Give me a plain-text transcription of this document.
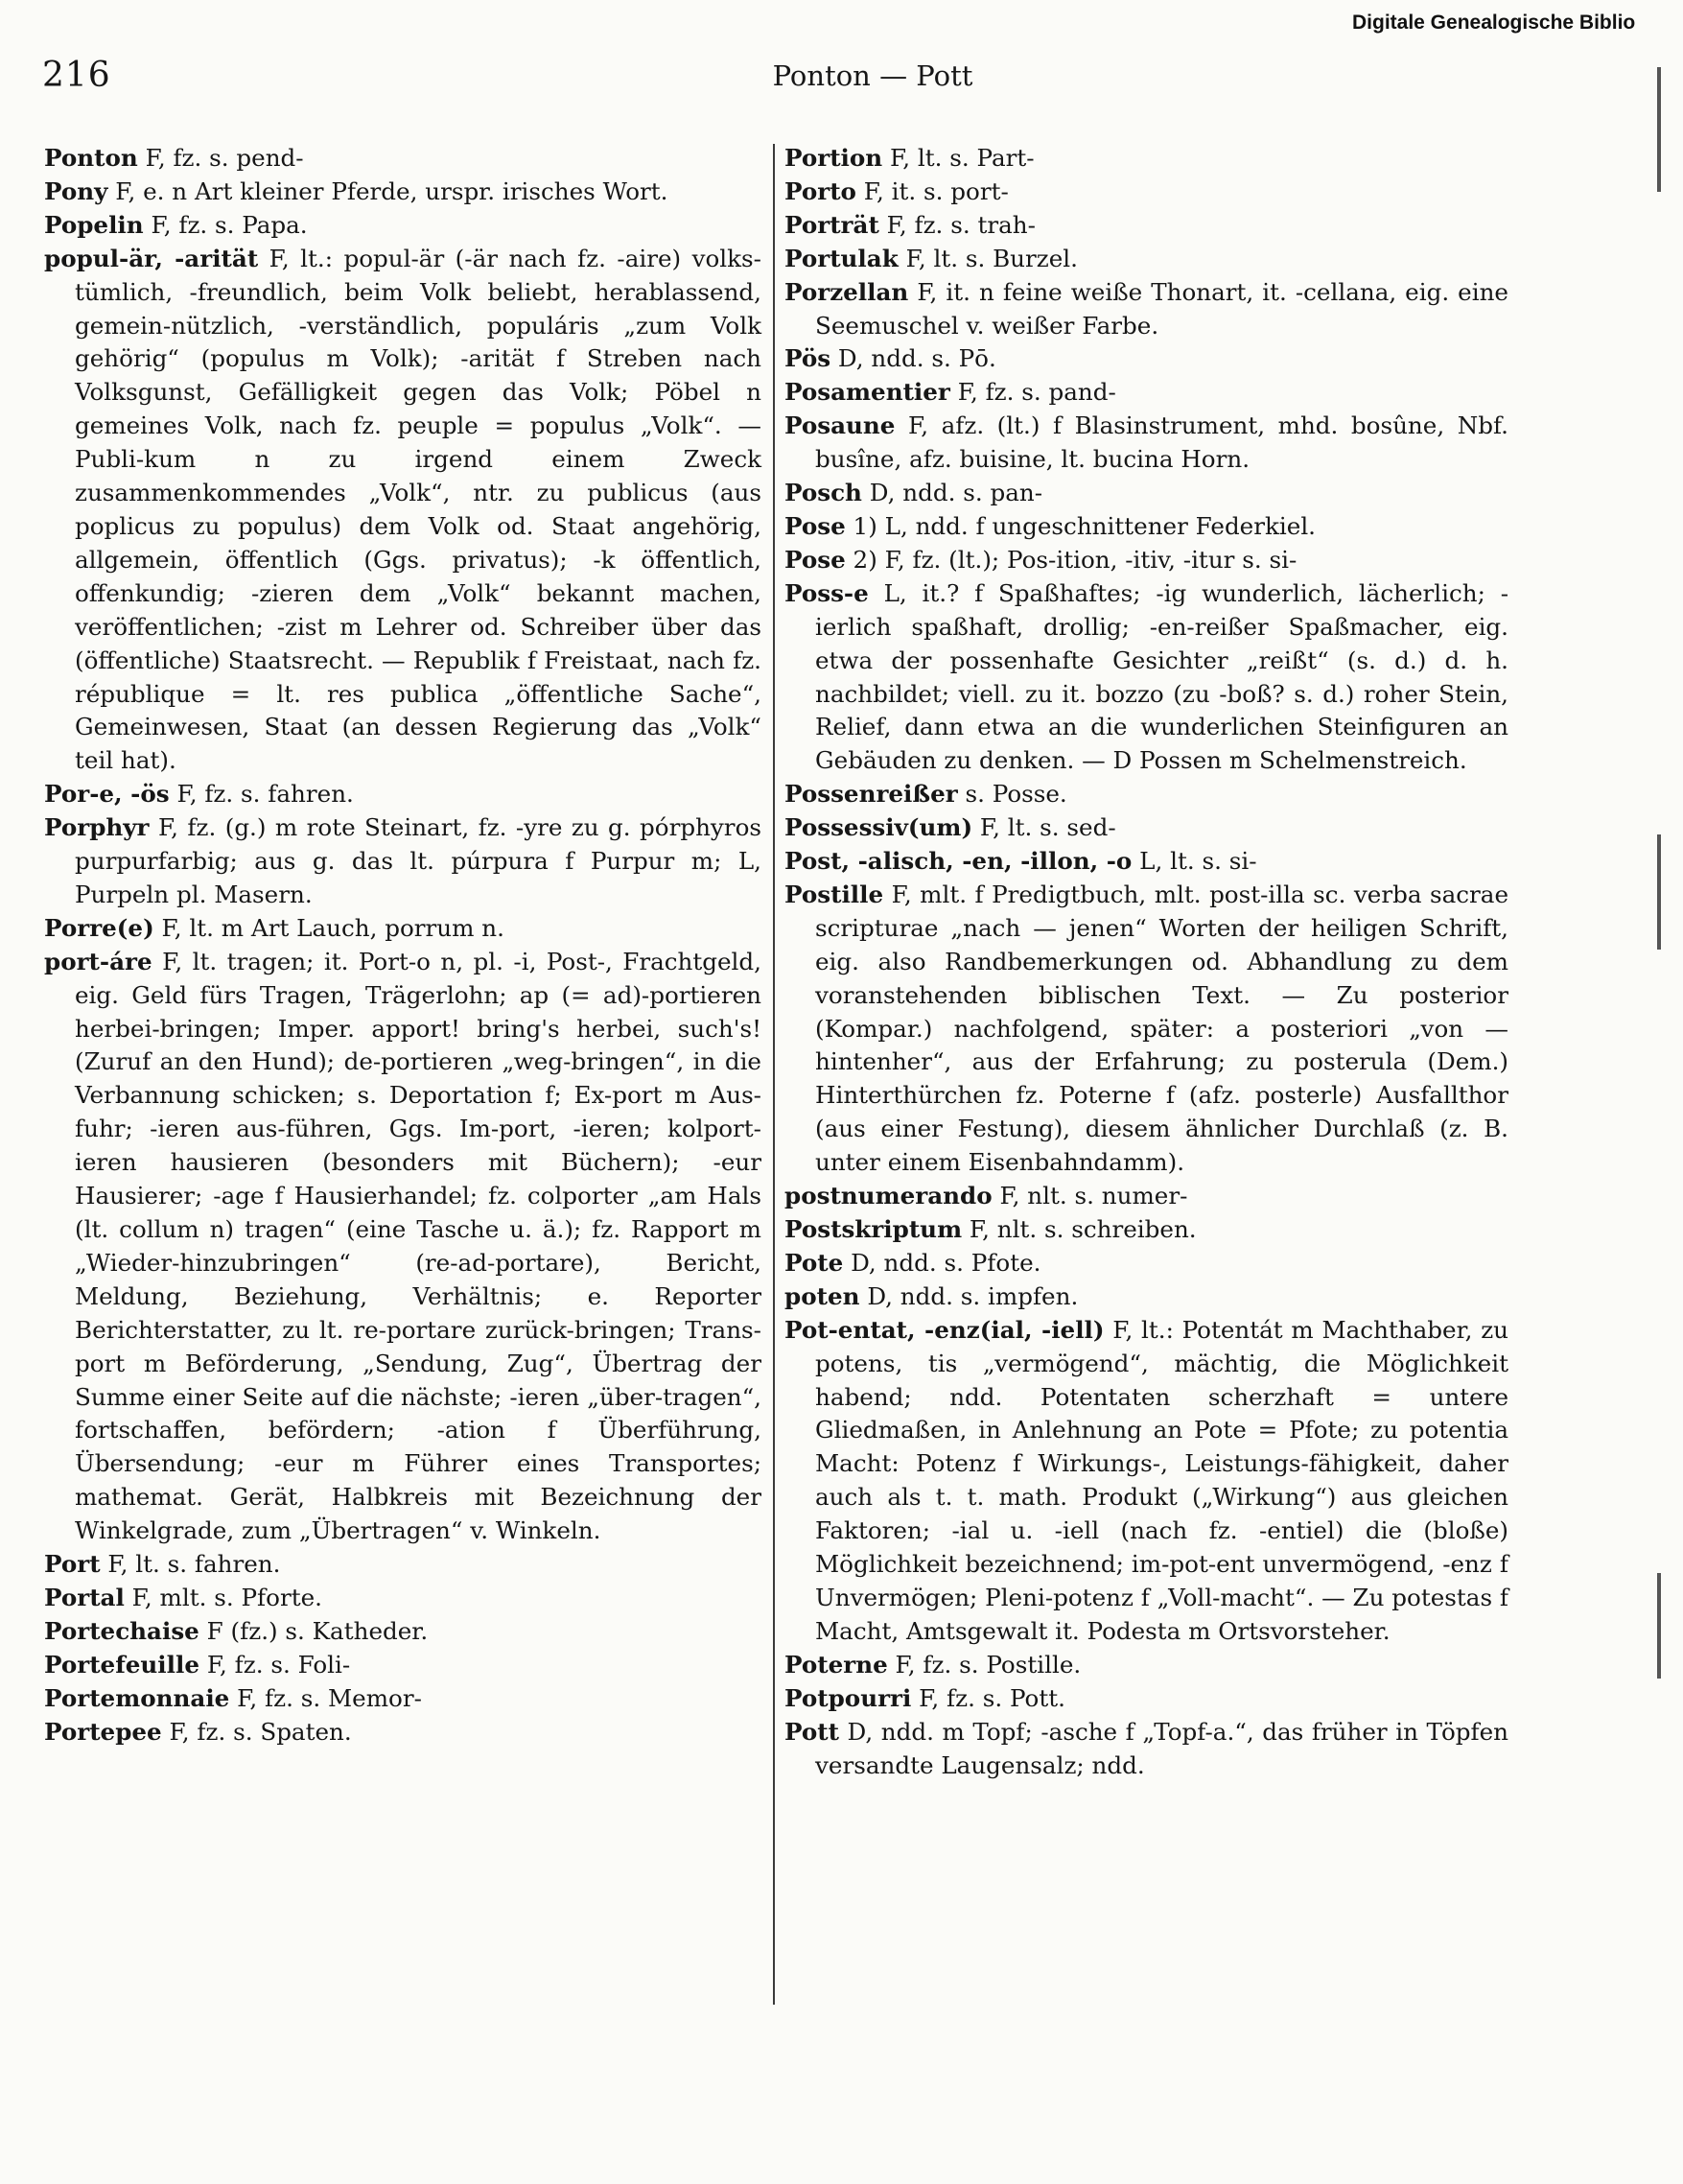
Digitale Genealogische Biblio
216	Ponton — Pott

Ponton F, fz. s. pend-

Pony F, e. n Art kleiner Pferde, urspr. irisches Wort.

Popelin F, fz. s. Papa.

popul-är, -arität F, lt.: popul-är (-är nach fz. -aire) volks-tümlich, -freundlich, beim Volk beliebt, herablassend, gemein-nützlich, -verständlich, populáris „zum Volk gehörig“ (populus m Volk); -arität f Streben nach Volksgunst, Gefälligkeit gegen das Volk; Pöbel n gemeines Volk, nach fz. peuple = populus „Volk“. — Publi-kum n zu irgend einem Zweck zusammenkommendes „Volk“, ntr. zu publicus (aus poplicus zu populus) dem Volk od. Staat angehörig, allgemein, öffentlich (Ggs. privatus); -k öffentlich, offenkundig; -zieren dem „Volk“ bekannt machen, veröffentlichen; -zist m Lehrer od. Schreiber über das (öffentliche) Staatsrecht. — Republik f Freistaat, nach fz. république = lt. res publica „öffentliche Sache“, Gemeinwesen, Staat (an dessen Regierung das „Volk“ teil hat).

Por-e, -ös F, fz. s. fahren.

Porphyr F, fz. (g.) m rote Steinart, fz. -yre zu g. pórphyros purpurfarbig; aus g. das lt. púrpura f Purpur m; L, Purpeln pl. Masern.

Porre(e) F, lt. m Art Lauch, porrum n.

port-áre F, lt. tragen; it. Port-o n, pl. -i, Post-, Frachtgeld, eig. Geld fürs Tragen, Trägerlohn; ap (= ad)-portieren herbei-bringen; Imper. apport! bring's herbei, such's! (Zuruf an den Hund); de-portieren „weg-bringen“, in die Verbannung schicken; s. Deportation f; Ex-port m Aus-fuhr; -ieren aus-führen, Ggs. Im-port, -ieren; kolport-ieren hausieren (besonders mit Büchern); -eur Hausierer; -age f Hausierhandel; fz. colporter „am Hals (lt. collum n) tragen“ (eine Tasche u. ä.); fz. Rapport m „Wieder-hinzubringen“ (re-ad-portare), Bericht, Meldung, Beziehung, Verhältnis; e. Reporter Berichterstatter, zu lt. re-portare zurück-bringen; Trans-port m Beförderung, „Sendung, Zug“, Übertrag der Summe einer Seite auf die nächste; -ieren „über-tragen“, fortschaffen, befördern; -ation f Überführung, Übersendung; -eur m Führer eines Transportes; mathemat. Gerät, Halbkreis mit Bezeichnung der Winkelgrade, zum „Übertragen“ v. Winkeln.

Port F, lt. s. fahren.

Portal F, mlt. s. Pforte.

Portechaise F (fz.) s. Katheder.

Portefeuille F, fz. s. Foli-

Portemonnaie F, fz. s. Memor-

Portepee F, fz. s. Spaten.

Portion F, lt. s. Part-

Porto F, it. s. port-

Porträt F, fz. s. trah-

Portulak F, lt. s. Burzel.

Porzellan F, it. n feine weiße Thonart, it. -cellana, eig. eine Seemuschel v. weißer Farbe.

Pös D, ndd. s. Pō.

Posamentier F, fz. s. pand-

Posaune F, afz. (lt.) f Blasinstrument, mhd. bosûne, Nbf. busîne, afz. buisine, lt. bucina Horn.

Posch D, ndd. s. pan-

Pose 1) L, ndd. f ungeschnittener Federkiel.

Pose 2) F, fz. (lt.); Pos-ition, -itiv, -itur s. si-

Poss-e L, it.? f Spaßhaftes; -ig wunderlich, lächerlich; -ierlich spaßhaft, drollig; -en-reißer Spaßmacher, eig. etwa der possenhafte Gesichter „reißt“ (s. d.) d. h. nachbildet; viell. zu it. bozzo (zu -boß? s. d.) roher Stein, Relief, dann etwa an die wunderlichen Steinfiguren an Gebäuden zu denken. — D Possen m Schelmenstreich.

Possenreißer s. Posse.

Possessiv(um) F, lt. s. sed-

Post, -alisch, -en, -illon, -o L, lt. s. si-

Postille F, mlt. f Predigtbuch, mlt. post-illa sc. verba sacrae scripturae „nach — jenen“ Worten der heiligen Schrift, eig. also Randbemerkungen od. Abhandlung zu dem voranstehenden biblischen Text. — Zu posterior (Kompar.) nachfolgend, später: a posteriori „von — hintenher“, aus der Erfahrung; zu posterula (Dem.) Hinterthürchen fz. Poterne f (afz. posterle) Ausfallthor (aus einer Festung), diesem ähnlicher Durchlaß (z. B. unter einem Eisenbahndamm).

postnumerando F, nlt. s. numer-

Postskriptum F, nlt. s. schreiben.

Pote D, ndd. s. Pfote.

poten D, ndd. s. impfen.

Pot-entat, -enz(ial, -iell) F, lt.: Potentát m Machthaber, zu potens, tis „vermögend“, mächtig, die Möglichkeit habend; ndd. Potentaten scherzhaft = untere Gliedmaßen, in Anlehnung an Pote = Pfote; zu potentia Macht: Potenz f Wirkungs-, Leistungs-fähigkeit, daher auch als t. t. math. Produkt („Wirkung“) aus gleichen Faktoren; -ial u. -iell (nach fz. -entiel) die (bloße) Möglichkeit bezeichnend; im-pot-ent unvermögend, -enz f Unvermögen; Pleni-potenz f „Voll-macht“. — Zu potestas f Macht, Amtsgewalt it. Podesta m Ortsvorsteher.

Poterne F, fz. s. Postille.

Potpourri F, fz. s. Pott.

Pott D, ndd. m Topf; -asche f „Topf-a.“, das früher in Töpfen versandte Laugensalz; ndd.
